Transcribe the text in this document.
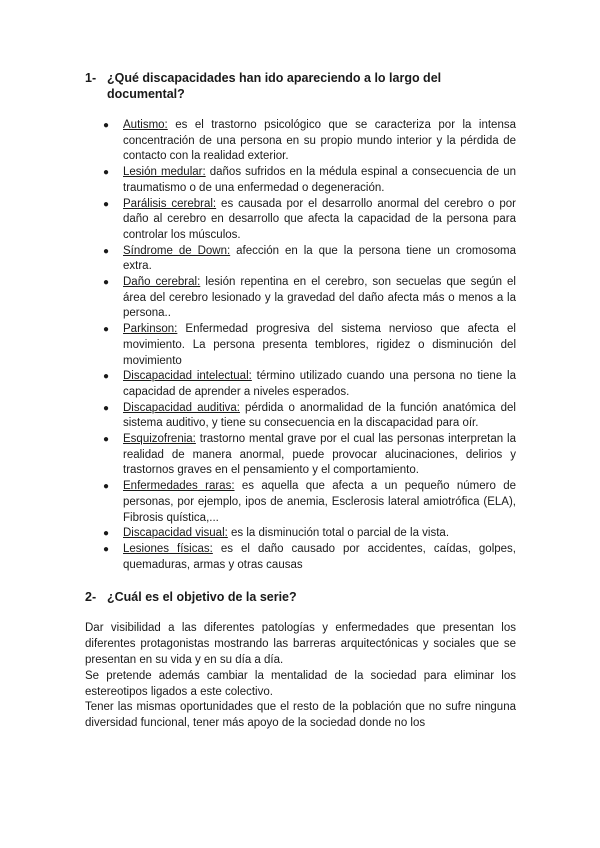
1- ¿Qué discapacidades han ido apareciendo a lo largo del documental?
● Autismo: es el trastorno psicológico que se caracteriza por la intensa concentración de una persona en su propio mundo interior y la pérdida de contacto con la realidad exterior.
● Lesión medular: daños sufridos en la médula espinal a consecuencia de un traumatismo o de una enfermedad o degeneración.
● Parálisis cerebral: es causada por el desarrollo anormal del cerebro o por daño al cerebro en desarrollo que afecta la capacidad de la persona para controlar los músculos.
● Síndrome de Down: afección en la que la persona tiene un cromosoma extra.
● Daño cerebral: lesión repentina en el cerebro, son secuelas que según el área del cerebro lesionado y la gravedad del daño afecta más o menos a la persona..
● Parkinson: Enfermedad progresiva del sistema nervioso que afecta el movimiento. La persona presenta temblores, rigidez o disminución del movimiento
● Discapacidad intelectual: término utilizado cuando una persona no tiene la capacidad de aprender a niveles esperados.
● Discapacidad auditiva: pérdida o anormalidad de la función anatómica del sistema auditivo, y tiene su consecuencia en la discapacidad para oír.
● Esquizofrenia: trastorno mental grave por el cual las personas interpretan la realidad de manera anormal, puede provocar alucinaciones, delirios y trastornos graves en el pensamiento y el comportamiento.
● Enfermedades raras: es aquella que afecta a un pequeño número de personas, por ejemplo, ipos de anemia, Esclerosis lateral amiotrófica (ELA), Fibrosis quística,...
● Discapacidad visual: es la disminución total o parcial de la vista.
● Lesiones físicas: es el daño causado por accidentes, caídas, golpes, quemaduras, armas y otras causas
2- ¿Cuál es el objetivo de la serie?

Dar visibilidad a las diferentes patologías y enfermedades que presentan los diferentes protagonistas mostrando las barreras arquitectónicas y sociales que se presentan en su vida y en su día a día.

Se pretende además cambiar la mentalidad de la sociedad para eliminar los estereotipos ligados a este colectivo.

Tener las mismas oportunidades que el resto de la población que no sufre ninguna diversidad funcional, tener más apoyo de la sociedad donde no los
